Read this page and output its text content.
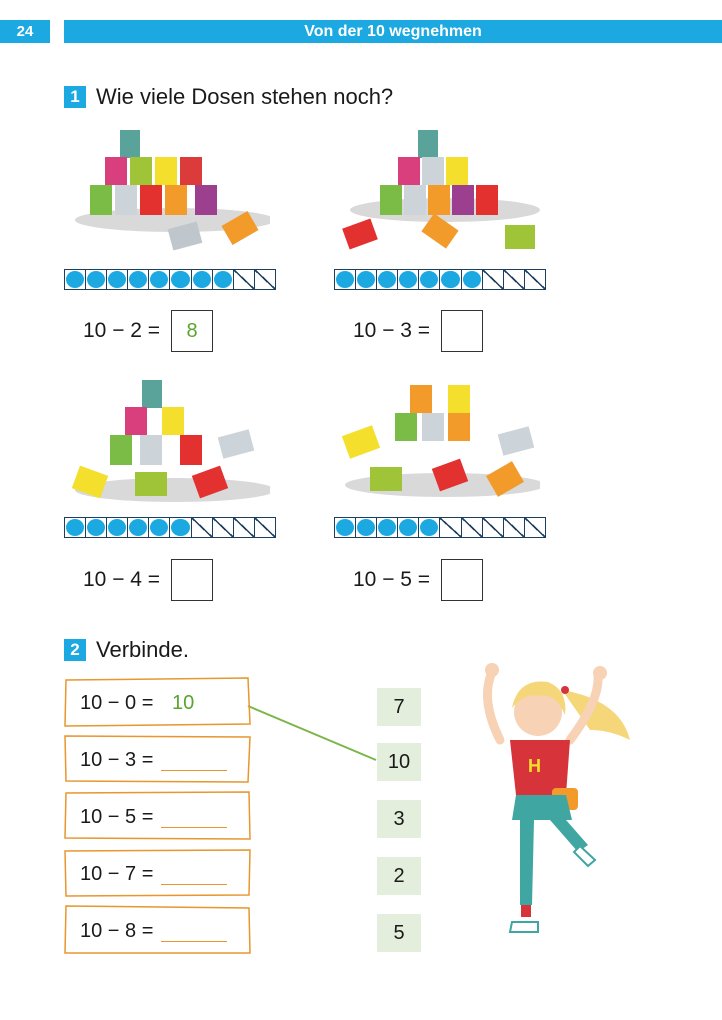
24	Von der 10 wegnehmen
1 Wie viele Dosen stehen noch?
10 − 2 =	8	10 − 3 =
10 − 4 =	10 − 5 =
2 Verbinde.
10 − 0 = 10
10 − 3 =
10 − 5 =
10 − 7 =
10 − 8 =
7
10
3
2
5
H
